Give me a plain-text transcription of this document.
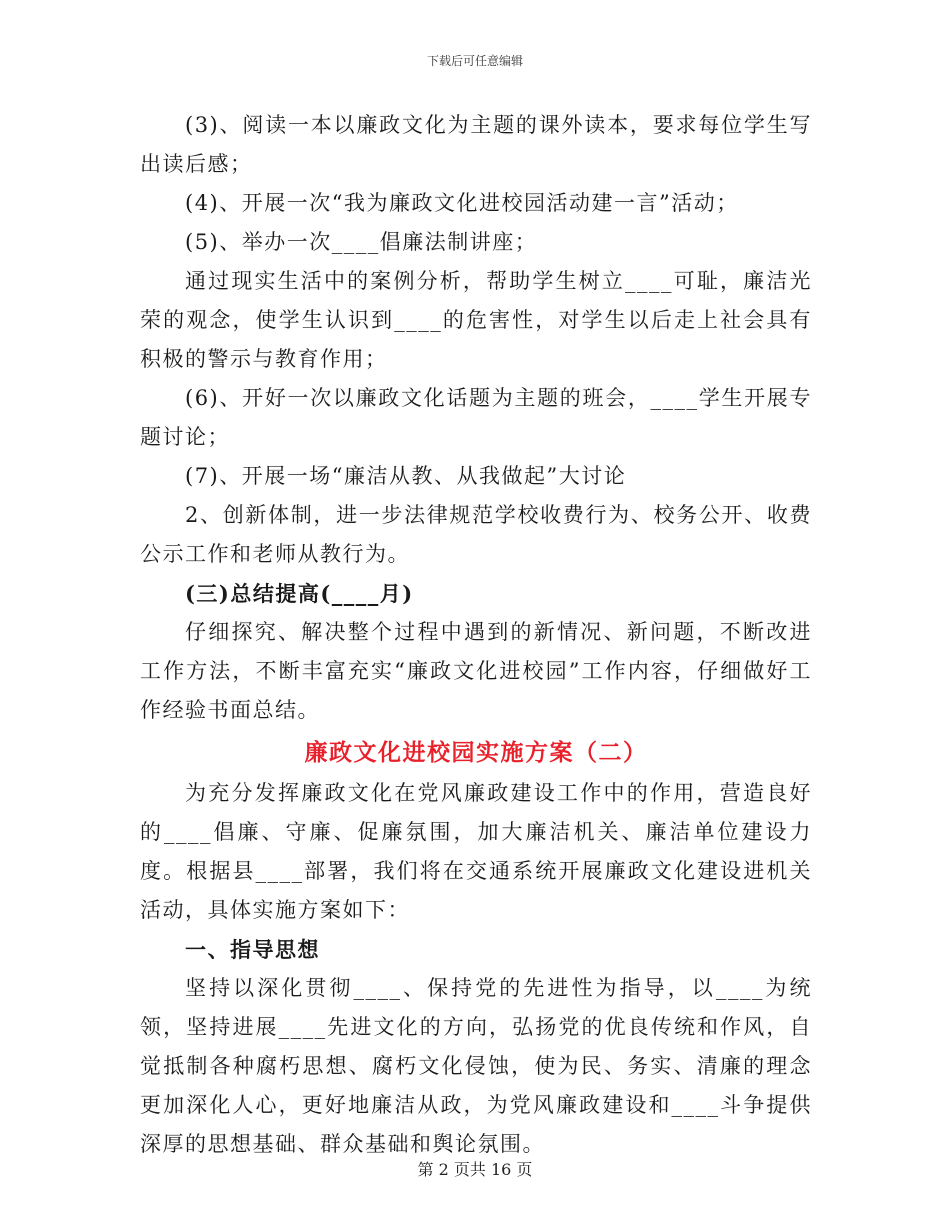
下载后可任意编辑

(3)、阅读一本以廉政文化为主题的课外读本，要求每位学生写出读后感；

(4)、开展一次“我为廉政文化进校园活动建一言”活动；

(5)、举办一次____倡廉法制讲座；

通过现实生活中的案例分析，帮助学生树立____可耻，廉洁光荣的观念，使学生认识到____的危害性，对学生以后走上社会具有积极的警示与教育作用；

(6)、开好一次以廉政文化话题为主题的班会，____学生开展专题讨论；

(7)、开展一场“廉洁从教、从我做起”大讨论

2、创新体制，进一步法律规范学校收费行为、校务公开、收费公示工作和老师从教行为。

(三)总结提高(____月)

仔细探究、解决整个过程中遇到的新情况、新问题，不断改进工作方法，不断丰富充实“廉政文化进校园”工作内容，仔细做好工作经验书面总结。

廉政文化进校园实施方案（二）

为充分发挥廉政文化在党风廉政建设工作中的作用，营造良好的____倡廉、守廉、促廉氛围，加大廉洁机关、廉洁单位建设力度。根据县____部署，我们将在交通系统开展廉政文化建设进机关活动，具体实施方案如下：

一、指导思想

坚持以深化贯彻____、保持党的先进性为指导，以____为统领，坚持进展____先进文化的方向，弘扬党的优良传统和作风，自觉抵制各种腐朽思想、腐朽文化侵蚀，使为民、务实、清廉的理念更加深化人心，更好地廉洁从政，为党风廉政建设和____斗争提供深厚的思想基础、群众基础和舆论氛围。

第 2 页共 16 页
